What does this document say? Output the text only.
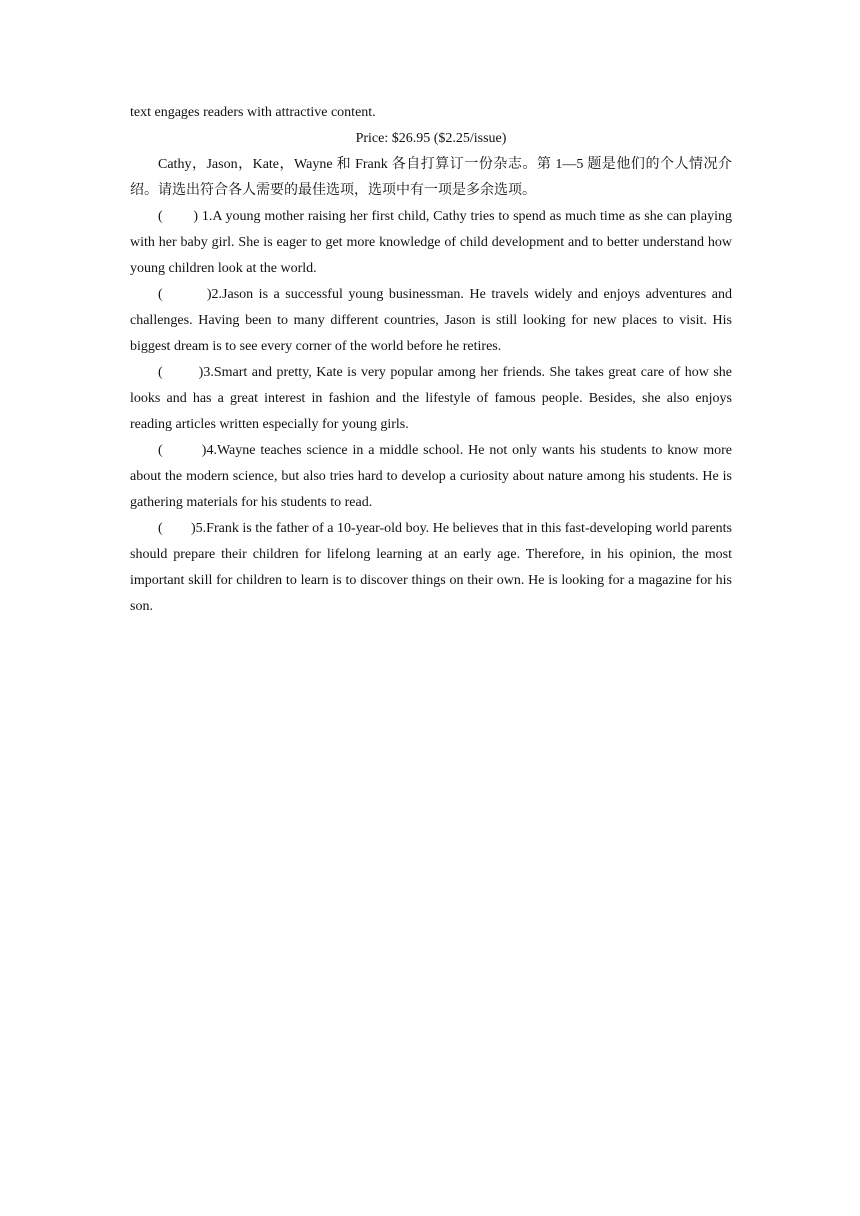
text engages readers with attractive content.

Price: $26.95 ($2.25/issue)

Cathy，Jason，Kate，Wayne 和 Frank 各自打算订一份杂志。第 1—5 题是他们的个人情况介绍。请选出符合各人需要的最佳选项，选项中有一项是多余选项。

(        ) 1.A young mother raising her first child, Cathy tries to spend as much time as she can playing with her baby girl. She is eager to get more knowledge of child development and to better understand how young children look at the world.

(        )2.Jason is a successful young businessman. He travels widely and enjoys adventures and challenges. Having been to many different countries, Jason is still looking for new places to visit. His biggest dream is to see every corner of the world before he retires.

(        )3.Smart and pretty, Kate is very popular among her friends. She takes great care of how she looks and has a great interest in fashion and the lifestyle of famous people. Besides, she also enjoys reading articles written especially for young girls.

(        )4.Wayne teaches science in a middle school. He not only wants his students to know more about the modern science, but also tries hard to develop a curiosity about nature among his students. He is gathering materials for his students to read.

(        )5.Frank is the father of a 10-year-old boy. He believes that in this fast-developing world parents should prepare their children for lifelong learning at an early age. Therefore, in his opinion, the most important skill for children to learn is to discover things on their own. He is looking for a magazine for his son.
